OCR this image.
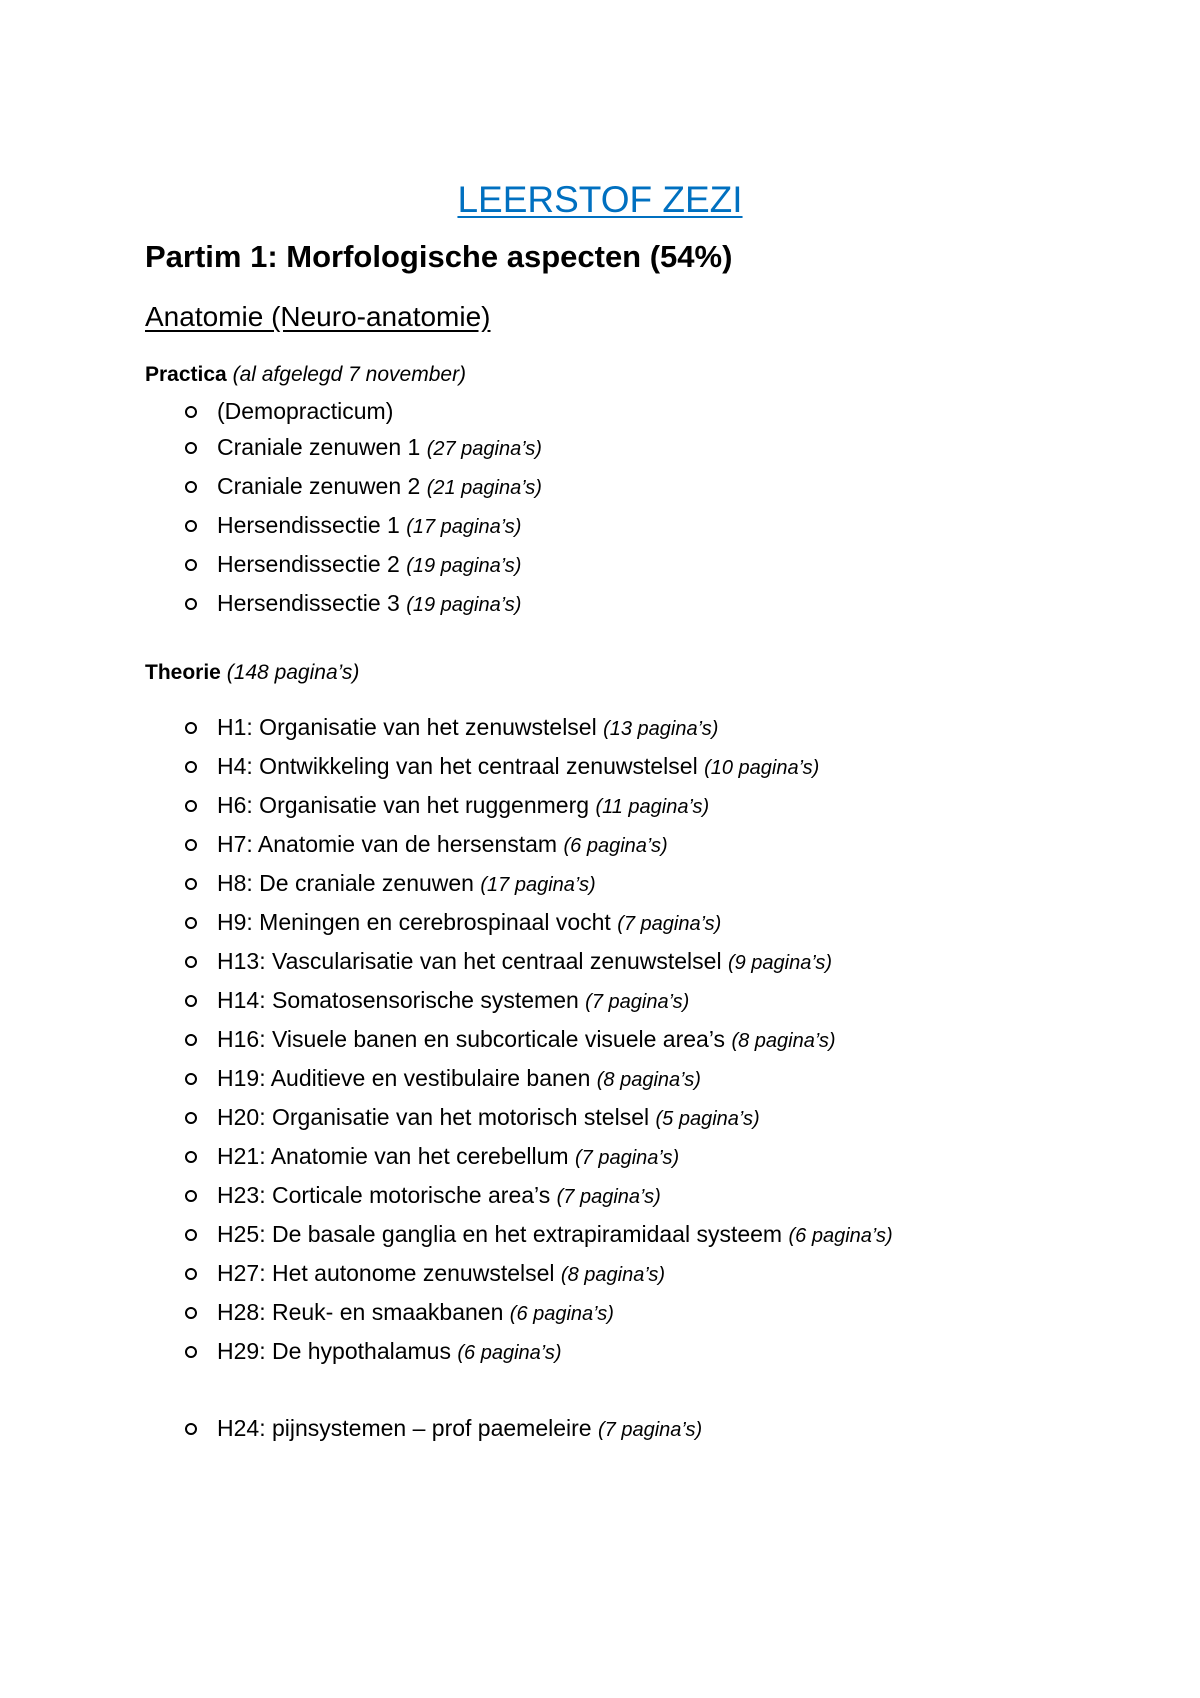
LEERSTOF ZEZI
Partim 1: Morfologische aspecten (54%)
Anatomie (Neuro-anatomie)
Practica (al afgelegd 7 november)
(Demopracticum)
Craniale zenuwen 1 (27 pagina’s)
Craniale zenuwen 2 (21 pagina’s)
Hersendissectie 1 (17 pagina’s)
Hersendissectie 2 (19 pagina’s)
Hersendissectie 3 (19 pagina’s)
Theorie (148 pagina’s)
H1: Organisatie van het zenuwstelsel (13 pagina’s)
H4: Ontwikkeling van het centraal zenuwstelsel (10 pagina’s)
H6: Organisatie van het ruggenmerg (11 pagina’s)
H7: Anatomie van de hersenstam (6 pagina’s)
H8: De craniale zenuwen (17 pagina’s)
H9: Meningen en cerebrospinaal vocht (7 pagina’s)
H13: Vascularisatie van het centraal zenuwstelsel (9 pagina’s)
H14: Somatosensorische systemen (7 pagina’s)
H16: Visuele banen en subcorticale visuele area’s (8 pagina’s)
H19: Auditieve en vestibulaire banen (8 pagina’s)
H20: Organisatie van het motorisch stelsel (5 pagina’s)
H21: Anatomie van het cerebellum (7 pagina’s)
H23: Corticale motorische area’s (7 pagina’s)
H25: De basale ganglia en het extrapiramidaal systeem (6 pagina’s)
H27: Het autonome zenuwstelsel (8 pagina’s)
H28: Reuk- en smaakbanen (6 pagina’s)
H29: De hypothalamus (6 pagina’s)
H24: pijnsystemen – prof paemeleire (7 pagina’s)
